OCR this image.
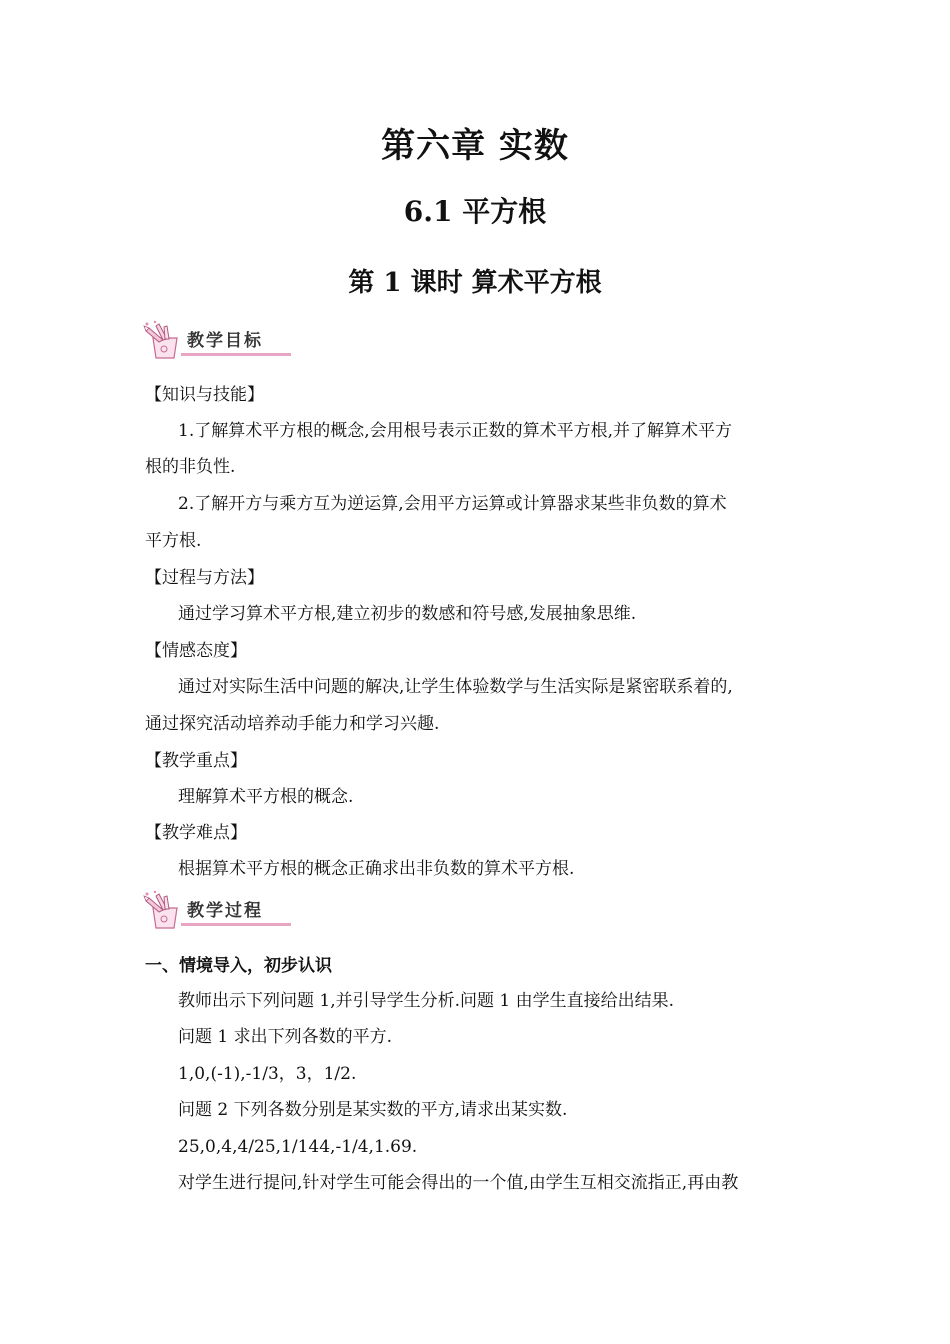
第六章 实数
6.1 平方根
第 1 课时 算术平方根
教学目标
【知识与技能】
1.了解算术平方根的概念,会用根号表示正数的算术平方根,并了解算术平方
根的非负性.
2.了解开方与乘方互为逆运算,会用平方运算或计算器求某些非负数的算术
平方根.
【过程与方法】
通过学习算术平方根,建立初步的数感和符号感,发展抽象思维.
【情感态度】
通过对实际生活中问题的解决,让学生体验数学与生活实际是紧密联系着的,
通过探究活动培养动手能力和学习兴趣.
【教学重点】
理解算术平方根的概念.
【教学难点】
根据算术平方根的概念正确求出非负数的算术平方根.
教学过程
一、情境导入，初步认识
教师出示下列问题 1,并引导学生分析.问题 1 由学生直接给出结果.
问题 1 求出下列各数的平方.
1,0,(-1),-1/3，3，1/2.
问题 2 下列各数分别是某实数的平方,请求出某实数.
25,0,4,4/25,1/144,-1/4,1.69.
对学生进行提问,针对学生可能会得出的一个值,由学生互相交流指正,再由教
